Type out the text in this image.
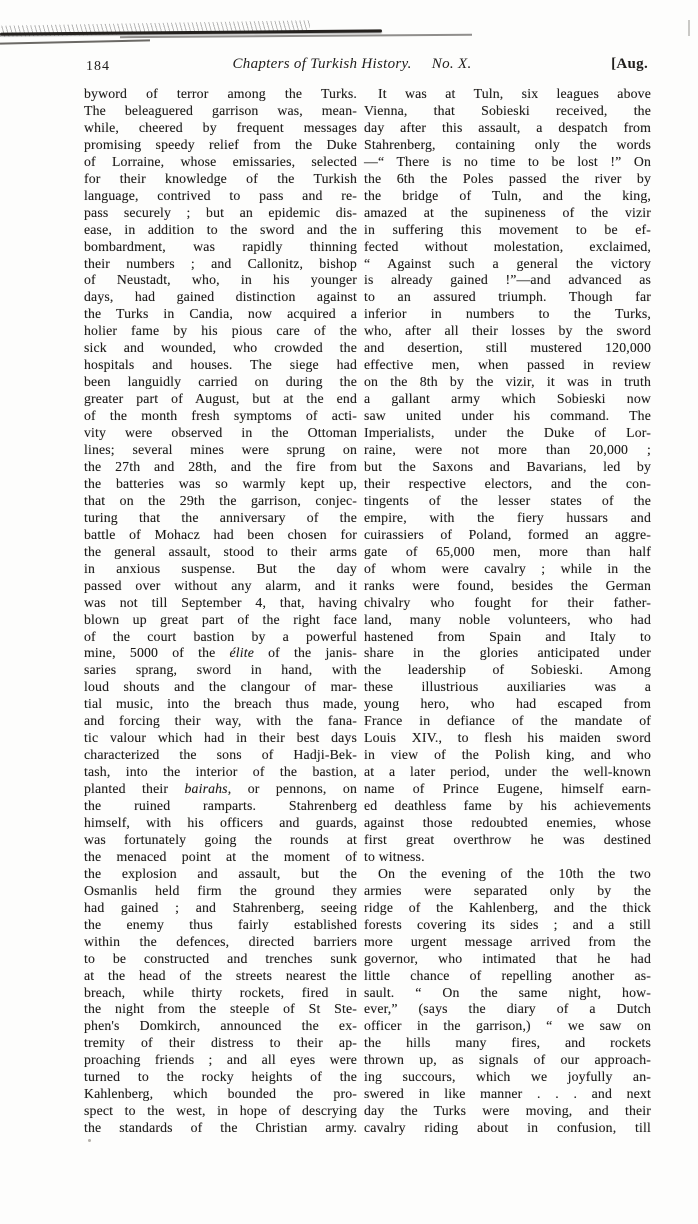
184	Chapters of Turkish History. No. X.	[Aug.
byword of terror among the Turks.
The beleaguered garrison was, mean-
while, cheered by frequent messages
promising speedy relief from the Duke
of Lorraine, whose emissaries, selected
for their knowledge of the Turkish
language, contrived to pass and re-
pass securely ; but an epidemic dis-
ease, in addition to the sword and the
bombardment, was rapidly thinning
their numbers ; and Callonitz, bishop
of Neustadt, who, in his younger
days, had gained distinction against
the Turks in Candia, now acquired a
holier fame by his pious care of the
sick and wounded, who crowded the
hospitals and houses. The siege had
been languidly carried on during the
greater part of August, but at the end
of the month fresh symptoms of acti-
vity were observed in the Ottoman
lines; several mines were sprung on
the 27th and 28th, and the fire from
the batteries was so warmly kept up,
that on the 29th the garrison, conjec-
turing that the anniversary of the
battle of Mohacz had been chosen for
the general assault, stood to their arms
in anxious suspense. But the day
passed over without any alarm, and it
was not till September 4, that, having
blown up great part of the right face
of the court bastion by a powerful
mine, 5000 of the élite of the janis-
saries sprang, sword in hand, with
loud shouts and the clangour of mar-
tial music, into the breach thus made,
and forcing their way, with the fana-
tic valour which had in their best days
characterized the sons of Hadji-Bek-
tash, into the interior of the bastion,
planted their bairahs, or pennons, on
the ruined ramparts. Stahrenberg
himself, with his officers and guards,
was fortunately going the rounds at
the menaced point at the moment of
the explosion and assault, but the
Osmanlis held firm the ground they
had gained ; and Stahrenberg, seeing
the enemy thus fairly established
within the defences, directed barriers
to be constructed and trenches sunk
at the head of the streets nearest the
breach, while thirty rockets, fired in
the night from the steeple of St Ste-
phen's Domkirch, announced the ex-
tremity of their distress to their ap-
proaching friends ; and all eyes were
turned to the rocky heights of the
Kahlenberg, which bounded the pro-
spect to the west, in hope of descrying
the standards of the Christian army.
It was at Tuln, six leagues above
Vienna, that Sobieski received, the
day after this assault, a despatch from
Stahrenberg, containing only the words
—“ There is no time to be lost !” On
the 6th the Poles passed the river by
the bridge of Tuln, and the king,
amazed at the supineness of the vizir
in suffering this movement to be ef-
fected without molestation, exclaimed,
“ Against such a general the victory
is already gained !”—and advanced as
to an assured triumph. Though far
inferior in numbers to the Turks,
who, after all their losses by the sword
and desertion, still mustered 120,000
effective men, when passed in review
on the 8th by the vizir, it was in truth
a gallant army which Sobieski now
saw united under his command. The
Imperialists, under the Duke of Lor-
raine, were not more than 20,000 ;
but the Saxons and Bavarians, led by
their respective electors, and the con-
tingents of the lesser states of the
empire, with the fiery hussars and
cuirassiers of Poland, formed an aggre-
gate of 65,000 men, more than half
of whom were cavalry ; while in the
ranks were found, besides the German
chivalry who fought for their father-
land, many noble volunteers, who had
hastened from Spain and Italy to
share in the glories anticipated under
the leadership of Sobieski. Among
these illustrious auxiliaries was a
young hero, who had escaped from
France in defiance of the mandate of
Louis XIV., to flesh his maiden sword
in view of the Polish king, and who
at a later period, under the well-known
name of Prince Eugene, himself earn-
ed deathless fame by his achievements
against those redoubted enemies, whose
first great overthrow he was destined
to witness.
On the evening of the 10th the two
armies were separated only by the
ridge of the Kahlenberg, and the thick
forests covering its sides ; and a still
more urgent message arrived from the
governor, who intimated that he had
little chance of repelling another as-
sault. “ On the same night, how-
ever,” (says the diary of a Dutch
officer in the garrison,) “ we saw on
the hills many fires, and rockets
thrown up, as signals of our approach-
ing succours, which we joyfully an-
swered in like manner . . . and next
day the Turks were moving, and their
cavalry riding about in confusion, till
